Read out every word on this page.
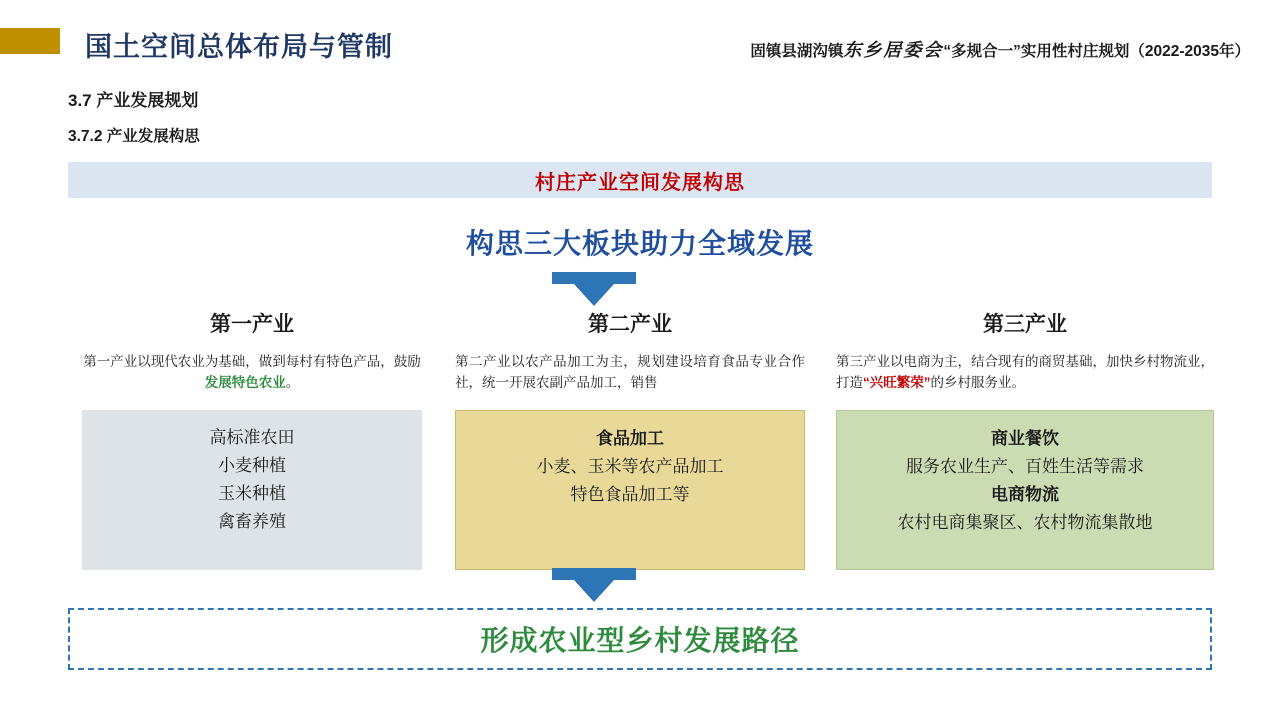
国土空间总体布局与管制	固镇县湖沟镇东乡居委会“多规合一”实用性村庄规划（2022-2035年）
3.7 产业发展规划
3.7.2 产业发展构思
村庄产业空间发展构思
构思三大板块助力全域发展
第一产业
第一产业以现代农业为基础，做到每村有特色产品，鼓励发展特色农业。
高标准农田
小麦种植
玉米种植
禽畜养殖
第二产业
第二产业以农产品加工为主，规划建设培育食品专业合作社，统一开展农副产品加工，销售
食品加工
小麦、玉米等农产品加工
特色食品加工等
第三产业
第三产业以电商为主，结合现有的商贸基础，加快乡村物流业，打造“兴旺繁荣”的乡村服务业。
商业餐饮
服务农业生产、百姓生活等需求
电商物流
农村电商集聚区、农村物流集散地
形成农业型乡村发展路径
